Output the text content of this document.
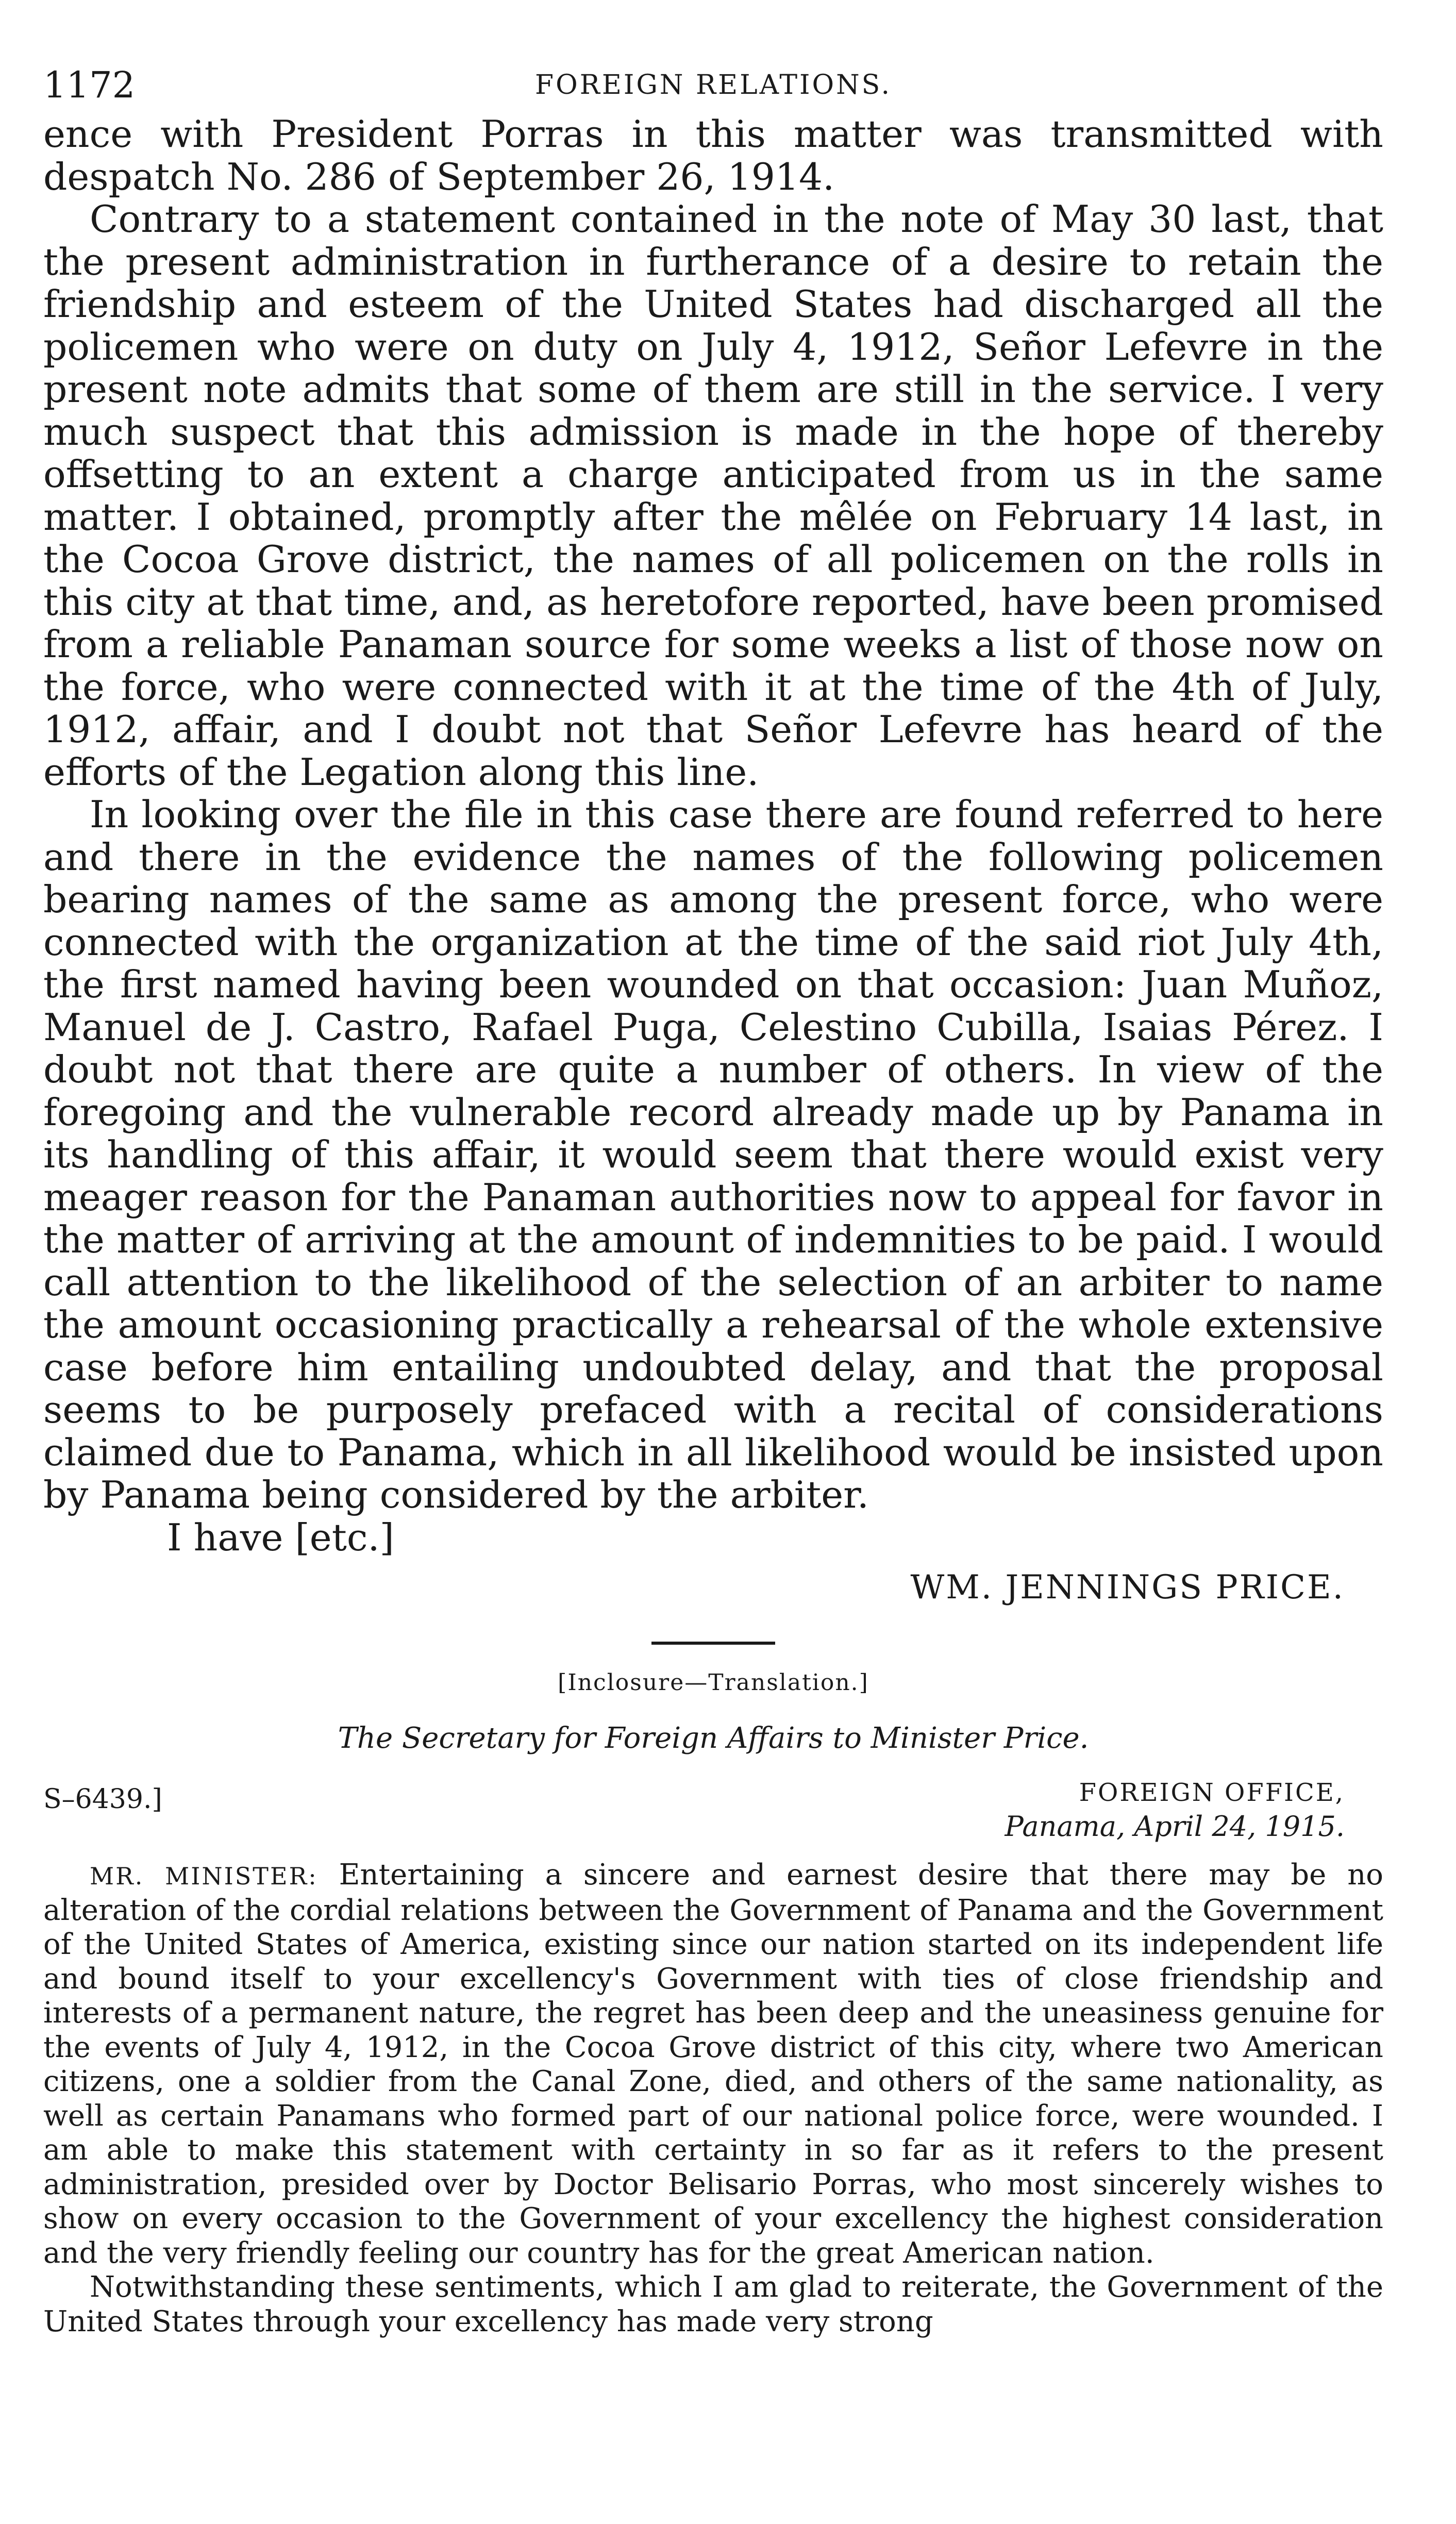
1172	FOREIGN RELATIONS.

ence with President Porras in this matter was transmitted with despatch No. 286 of September 26, 1914.

Contrary to a statement contained in the note of May 30 last, that the present administration in furtherance of a desire to retain the friendship and esteem of the United States had discharged all the policemen who were on duty on July 4, 1912, Señor Lefevre in the present note admits that some of them are still in the service. I very much suspect that this admission is made in the hope of thereby offsetting to an extent a charge anticipated from us in the same matter. I obtained, promptly after the mêlée on February 14 last, in the Cocoa Grove district, the names of all policemen on the rolls in this city at that time, and, as heretofore reported, have been promised from a reliable Panaman source for some weeks a list of those now on the force, who were connected with it at the time of the 4th of July, 1912, affair, and I doubt not that Señor Lefevre has heard of the efforts of the Legation along this line.

In looking over the file in this case there are found referred to here and there in the evidence the names of the following policemen bearing names of the same as among the present force, who were connected with the organization at the time of the said riot July 4th, the first named having been wounded on that occasion: Juan Muñoz, Manuel de J. Castro, Rafael Puga, Celestino Cubilla, Isaias Pérez. I doubt not that there are quite a number of others. In view of the foregoing and the vulnerable record already made up by Panama in its handling of this affair, it would seem that there would exist very meager reason for the Panaman authorities now to appeal for favor in the matter of arriving at the amount of indemnities to be paid. I would call attention to the likelihood of the selection of an arbiter to name the amount occasioning practically a rehearsal of the whole extensive case before him entailing undoubted delay, and that the proposal seems to be purposely prefaced with a recital of considerations claimed due to Panama, which in all likelihood would be insisted upon by Panama being considered by the arbiter.

I have [etc.]
WM. JENNINGS PRICE.
[Inclosure—Translation.]
The Secretary for Foreign Affairs to Minister Price.
S–6439.]	FOREIGN OFFICE,
Panama, April 24, 1915.

MR. MINISTER: Entertaining a sincere and earnest desire that there may be no alteration of the cordial relations between the Government of Panama and the Government of the United States of America, existing since our nation started on its independent life and bound itself to your excellency's Government with ties of close friendship and interests of a permanent nature, the regret has been deep and the uneasiness genuine for the events of July 4, 1912, in the Cocoa Grove district of this city, where two American citizens, one a soldier from the Canal Zone, died, and others of the same nationality, as well as certain Panamans who formed part of our national police force, were wounded. I am able to make this statement with certainty in so far as it refers to the present administration, presided over by Doctor Belisario Porras, who most sincerely wishes to show on every occasion to the Government of your excellency the highest consideration and the very friendly feeling our country has for the great American nation.

Notwithstanding these sentiments, which I am glad to reiterate, the Government of the United States through your excellency has made very strong
